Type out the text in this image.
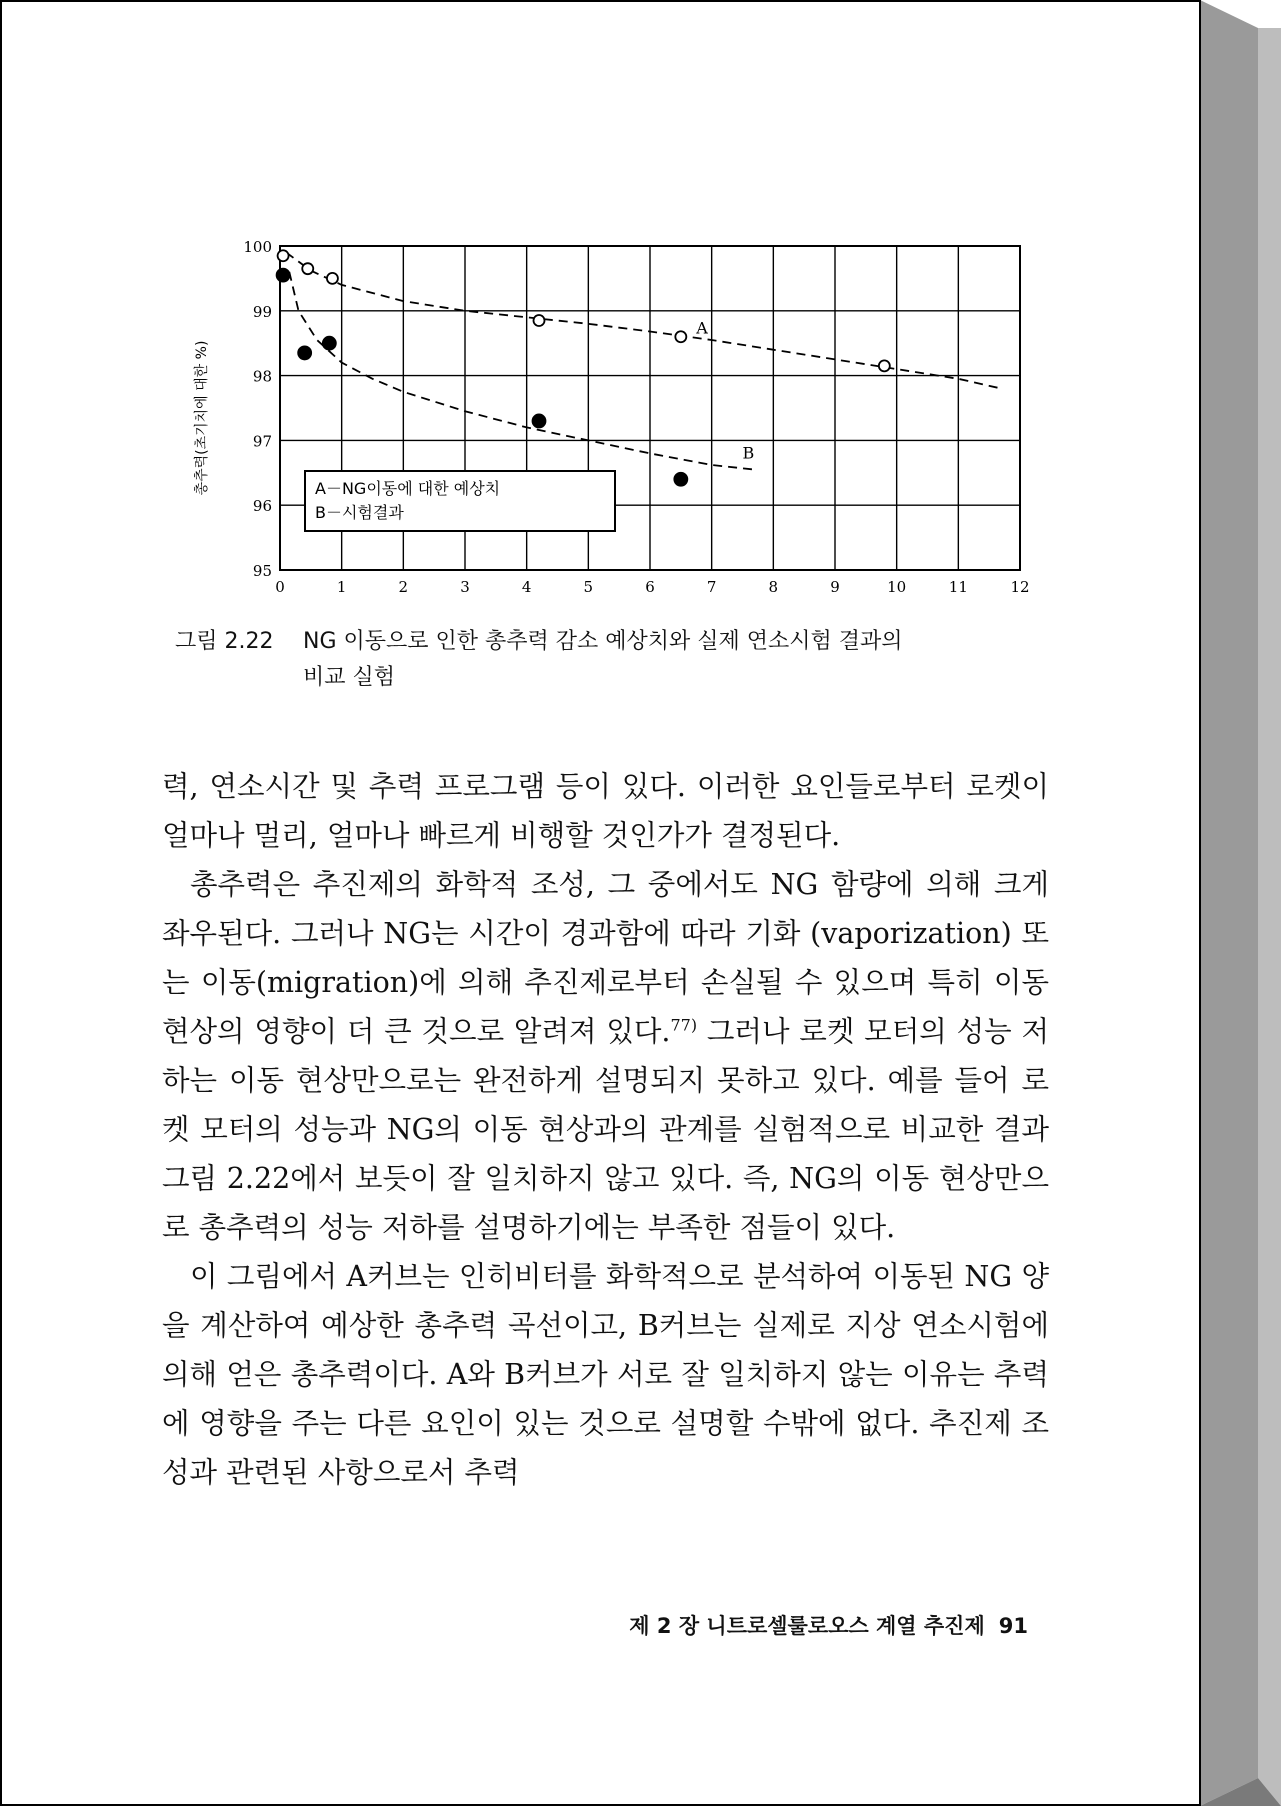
0	1	2	3	4	5	6	7	8	9	10	11	12
95
96
97
98
99
100
총추력(초기치에 대한 %)	A－NG이동에 대한 예상치
B－시험결과
A
B
그림 2.22 NG 이동으로 인한 총추력 감소 예상치와 실제 연소시험 결과의
비교 실험

력, 연소시간 및 추력 프로그램 등이 있다. 이러한 요인들로부터 로켓이 얼마나 멀리, 얼마나 빠르게 비행할 것인가가 결정된다.

총추력은 추진제의 화학적 조성, 그 중에서도 NG 함량에 의해 크게 좌우된다. 그러나 NG는 시간이 경과함에 따라 기화 (vaporization) 또는 이동(migration)에 의해 추진제로부터 손실될 수 있으며 특히 이동 현상의 영향이 더 큰 것으로 알려져 있다.$^{77)}$ 그러나 로켓 모터의 성능 저하는 이동 현상만으로는 완전하게 설명되지 못하고 있다. 예를 들어 로켓 모터의 성능과 NG의 이동 현상과의 관계를 실험적으로 비교한 결과 그림 2.22에서 보듯이 잘 일치하지 않고 있다. 즉, NG의 이동 현상만으로 총추력의 성능 저하를 설명하기에는 부족한 점들이 있다.

이 그림에서 A커브는 인히비터를 화학적으로 분석하여 이동된 NG 양을 계산하여 예상한 총추력 곡선이고, B커브는 실제로 지상 연소시험에 의해 얻은 총추력이다. A와 B커브가 서로 잘 일치하지 않는 이유는 추력에 영향을 주는 다른 요인이 있는 것으로 설명할 수밖에 없다. 추진제 조성과 관련된 사항으로서 추력

제 2 장 니트로셀룰로오스 계열 추진제 91
